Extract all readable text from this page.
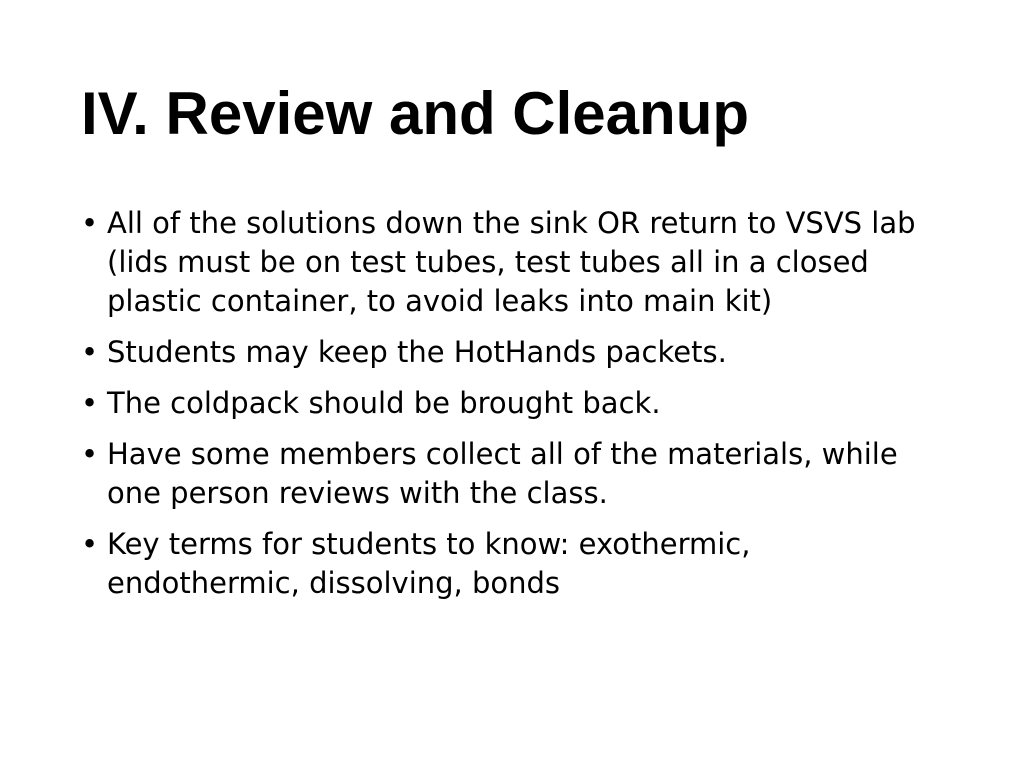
IV. Review and Cleanup
• All of the solutions down the sink OR return to VSVS lab (lids must be on test tubes, test tubes all in a closed plastic container, to avoid leaks into main kit)
• Students may keep the HotHands packets.
• The coldpack should be brought back.
• Have some members collect all of the materials, while one person reviews with the class.
• Key terms for students to know: exothermic, endothermic, dissolving, bonds
